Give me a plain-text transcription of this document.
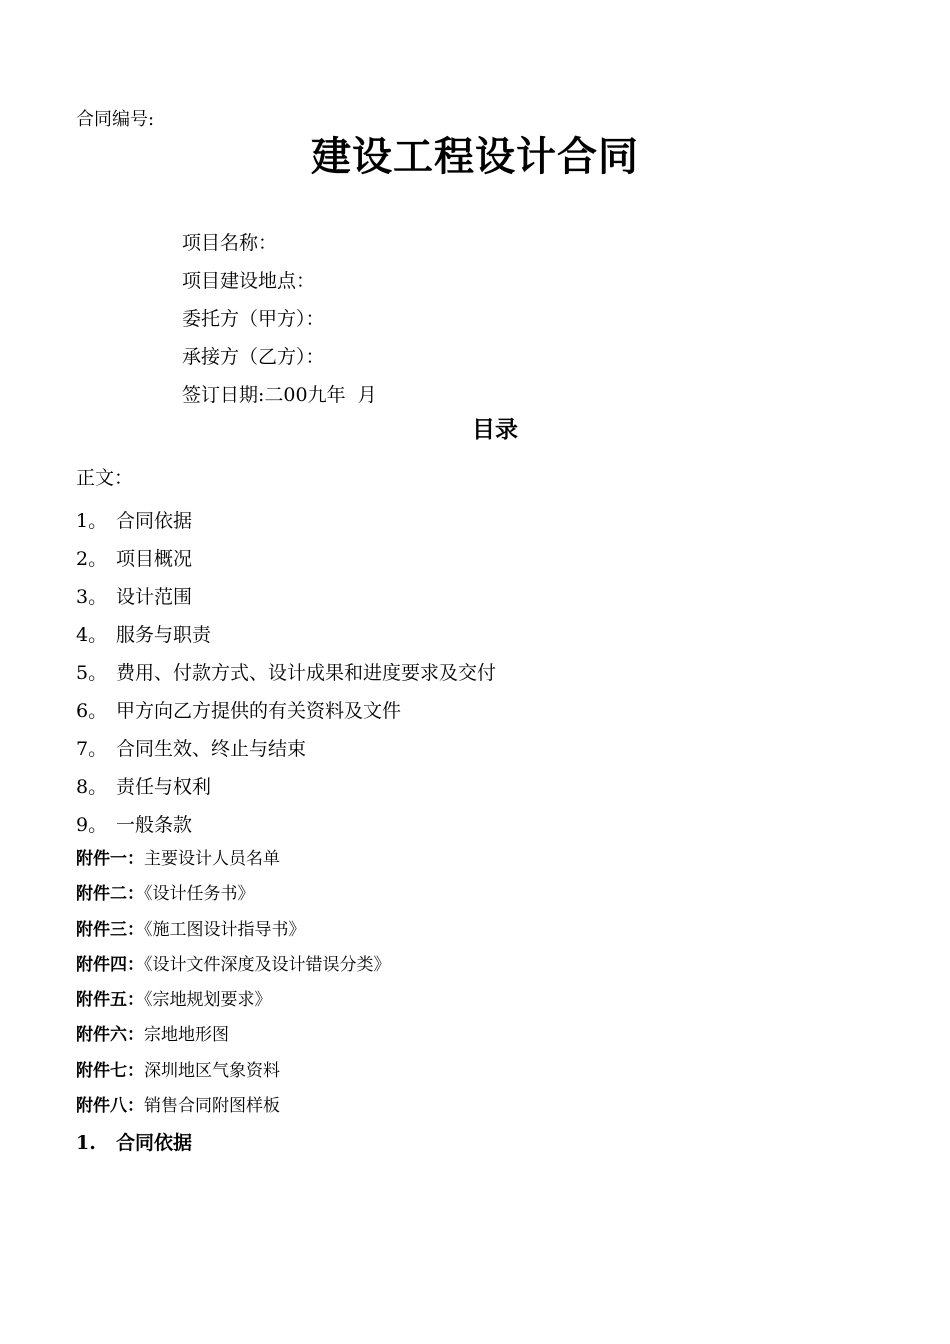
合同编号:
建设工程设计合同
项目名称：
项目建设地点：
委托方（甲方）：
承接方（乙方）：
签订日期:二00九年  月
目录
正文：
1。 合同依据
2。 项目概况
3。 设计范围
4。 服务与职责
5。 费用、付款方式、设计成果和进度要求及交付
6。 甲方向乙方提供的有关资料及文件
7。 合同生效、终止与结束
8。 责任与权利
9。 一般条款
附件一：主要设计人员名单
附件二：《设计任务书》
附件三：《施工图设计指导书》
附件四：《设计文件深度及设计错误分类》
附件五：《宗地规划要求》
附件六：宗地地形图
附件七：深圳地区气象资料
附件八：销售合同附图样板
1.	合同依据
